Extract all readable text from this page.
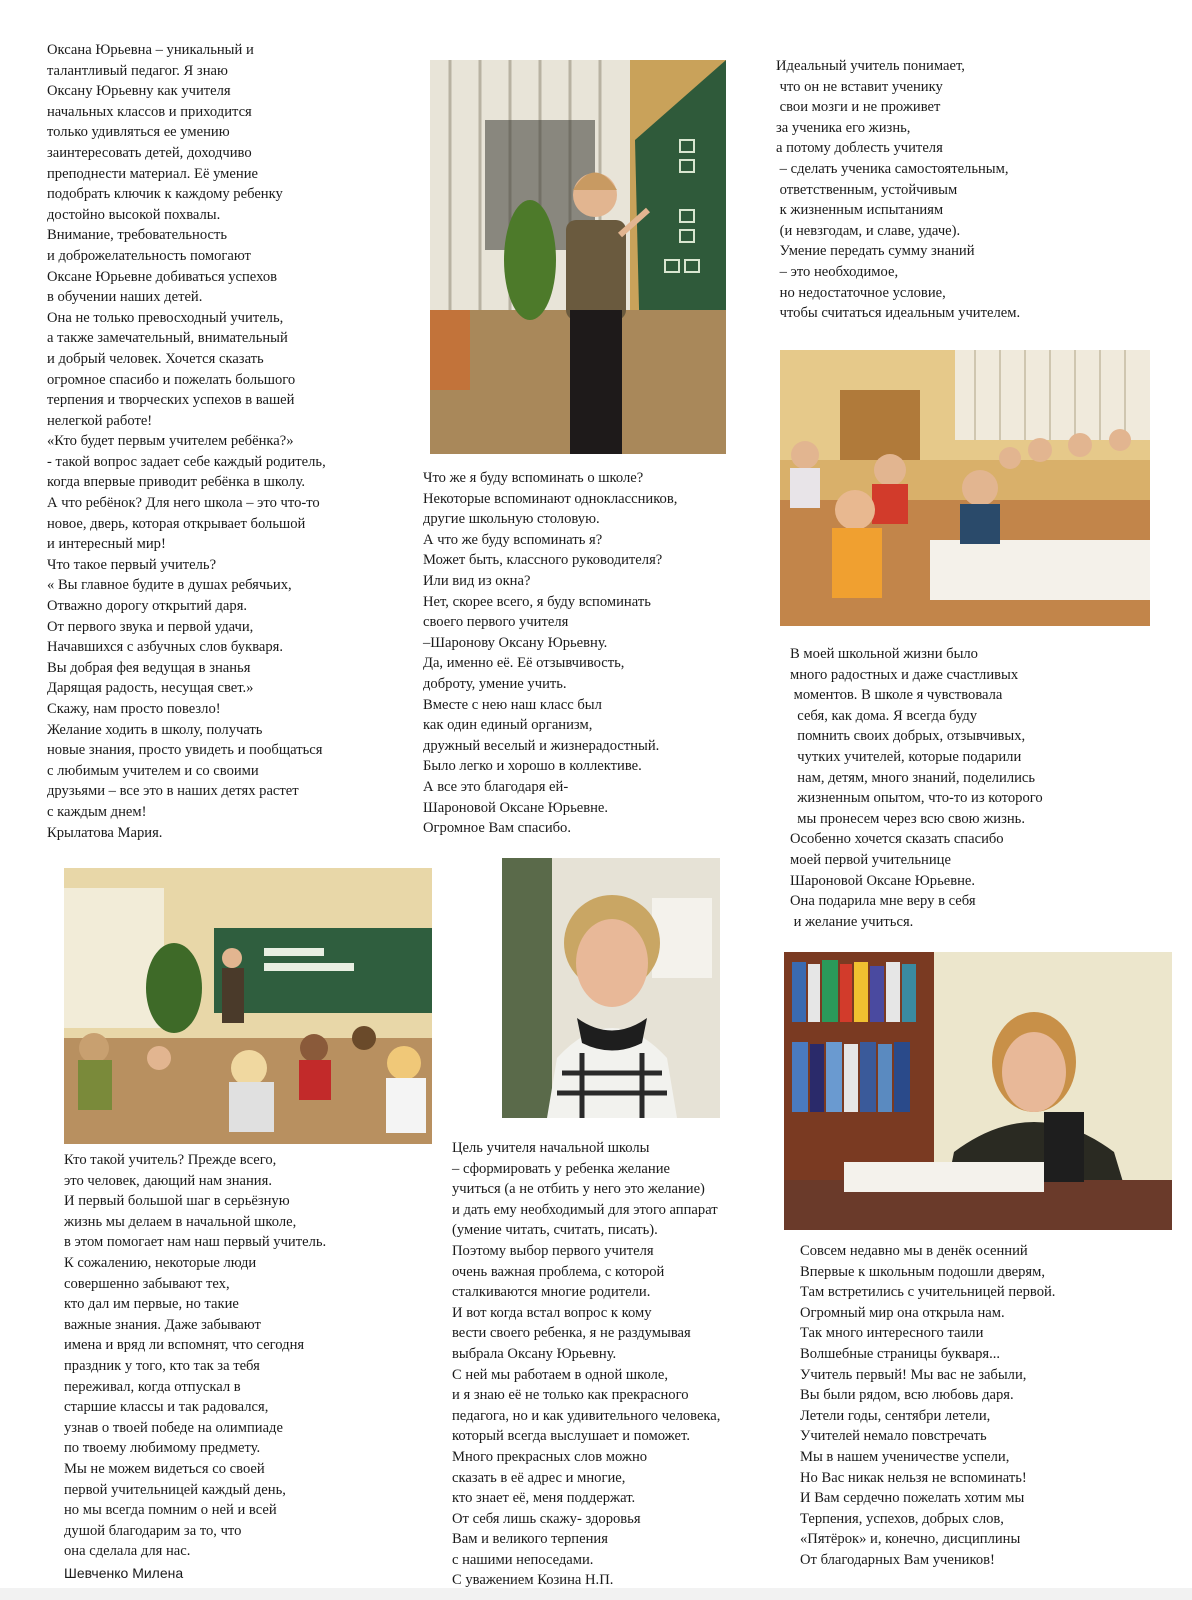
Оксана Юрьевна – уникальный и
талантливый педагог. Я знаю
Оксану Юрьевну как учителя
начальных классов и приходится
только удивляться ее умению
заинтересовать детей, доходчиво
преподнести материал. Её умение
подобрать ключик к каждому ребенку
достойно высокой похвалы.
Внимание, требовательность
и доброжелательность помогают
Оксане Юрьевне добиваться успехов
в обучении наших детей.
Она не только превосходный учитель,
а также замечательный, внимательный
и добрый человек. Хочется сказать
огромное спасибо и пожелать большого
терпения и творческих успехов в вашей
нелегкой работе!
«Кто будет первым учителем ребёнка?»
- такой вопрос задает себе каждый родитель,
когда впервые приводит ребёнка в школу.
А что ребёнок? Для него школа – это что-то
новое, дверь, которая открывает большой
и интересный мир!
Что такое первый учитель?
« Вы главное будите в душах ребячьих,
Отважно дорогу открытий даря.
От первого звука и первой удачи,
Начавшихся с азбучных слов букваря.
Вы добрая фея ведущая в знанья
Дарящая радость, несущая свет.»
Скажу, нам просто повезло!
Желание ходить в школу, получать
новые знания, просто увидеть и пообщаться
с любимым учителем и со своими
друзьями – все это в наших детях растет
с каждым днем!
Крылатова Мария.
Что же я буду вспоминать о школе?
Некоторые вспоминают одноклассников,
другие школьную столовую.
А что же буду вспоминать я?
Может быть, классного руководителя?
Или вид из окна?
Нет, скорее всего, я буду вспоминать
своего первого учителя
–Шаронову Оксану Юрьевну.
Да, именно её. Её отзывчивость,
доброту, умение учить.
Вместе с нею наш класс был
как один единый организм,
дружный веселый и жизнерадостный.
Было легко и хорошо в коллективе.
А все это благодаря ей-
Шароновой Оксане Юрьевне.
Огромное Вам спасибо.
Идеальный учитель понимает,
что он не вставит ученику
свои мозги и не проживет
за ученика его жизнь,
а потому доблесть учителя
– сделать ученика самостоятельным,
ответственным, устойчивым
к жизненным испытаниям
(и невзгодам, и славе, удаче).
Умение передать сумму знаний
– это необходимое,
но недостаточное условие,
чтобы считаться идеальным учителем.
В моей школьной жизни было
много радостных и даже счастливых
моментов. В школе я чувствовала
себя, как дома. Я всегда буду
помнить своих добрых, отзывчивых,
чутких учителей, которые подарили
нам, детям, много знаний, поделились
жизненным опытом, что-то из которого
мы пронесем через всю свою жизнь.
Особенно хочется сказать спасибо
моей первой учительнице
Шароновой Оксане Юрьевне.
Она подарила мне веру в себя
и желание учиться.
Кто такой учитель? Прежде всего,
это человек, дающий нам знания.
И первый большой шаг в серьёзную
жизнь мы делаем в начальной школе,
в этом помогает нам наш первый учитель.
К сожалению, некоторые люди
совершенно забывают тех,
кто дал им первые, но такие
важные знания. Даже забывают
имена и вряд ли вспомнят, что сегодня
праздник у того, кто так за тебя
переживал, когда отпускал в
старшие классы и так радовался,
узнав о твоей победе на олимпиаде
по твоему любимому предмету.
Мы не можем видеться со своей
первой учительницей каждый день,
но мы всегда помним о ней и всей
душой благодарим за то, что
она сделала для нас.
Шевченко Милена
Цель учителя начальной школы
– сформировать у ребенка желание
учиться (а не отбить у него это желание)
и дать ему необходимый для этого аппарат
(умение читать, считать, писать).
Поэтому выбор первого учителя
очень важная проблема, с которой
сталкиваются многие родители.
И вот когда встал вопрос к кому
вести своего ребенка, я не раздумывая
выбрала Оксану Юрьевну.
С ней мы работаем в одной школе,
и я знаю её не только как прекрасного
педагога, но и как удивительного человека,
который всегда выслушает и поможет.
Много прекрасных слов можно
сказать в её адрес и многие,
кто знает её, меня поддержат.
От себя лишь скажу- здоровья
Вам и великого терпения
с нашими непоседами.
С уважением Козина Н.П.
Совсем недавно мы в денёк осенний
Впервые к школьным подошли дверям,
Там встретились с учительницей первой.
Огромный мир она открыла нам.
Так много интересного таили
Волшебные страницы букваря...
Учитель первый! Мы вас не забыли,
Вы были рядом, всю любовь даря.
Летели годы, сентябри летели,
Учителей немало повстречать
Мы в нашем ученичестве успели,
Но Вас никак нельзя не вспоминать!
И Вам сердечно пожелать хотим мы
Терпения, успехов, добрых слов,
«Пятёрок» и, конечно, дисциплины
От благодарных Вам учеников!
